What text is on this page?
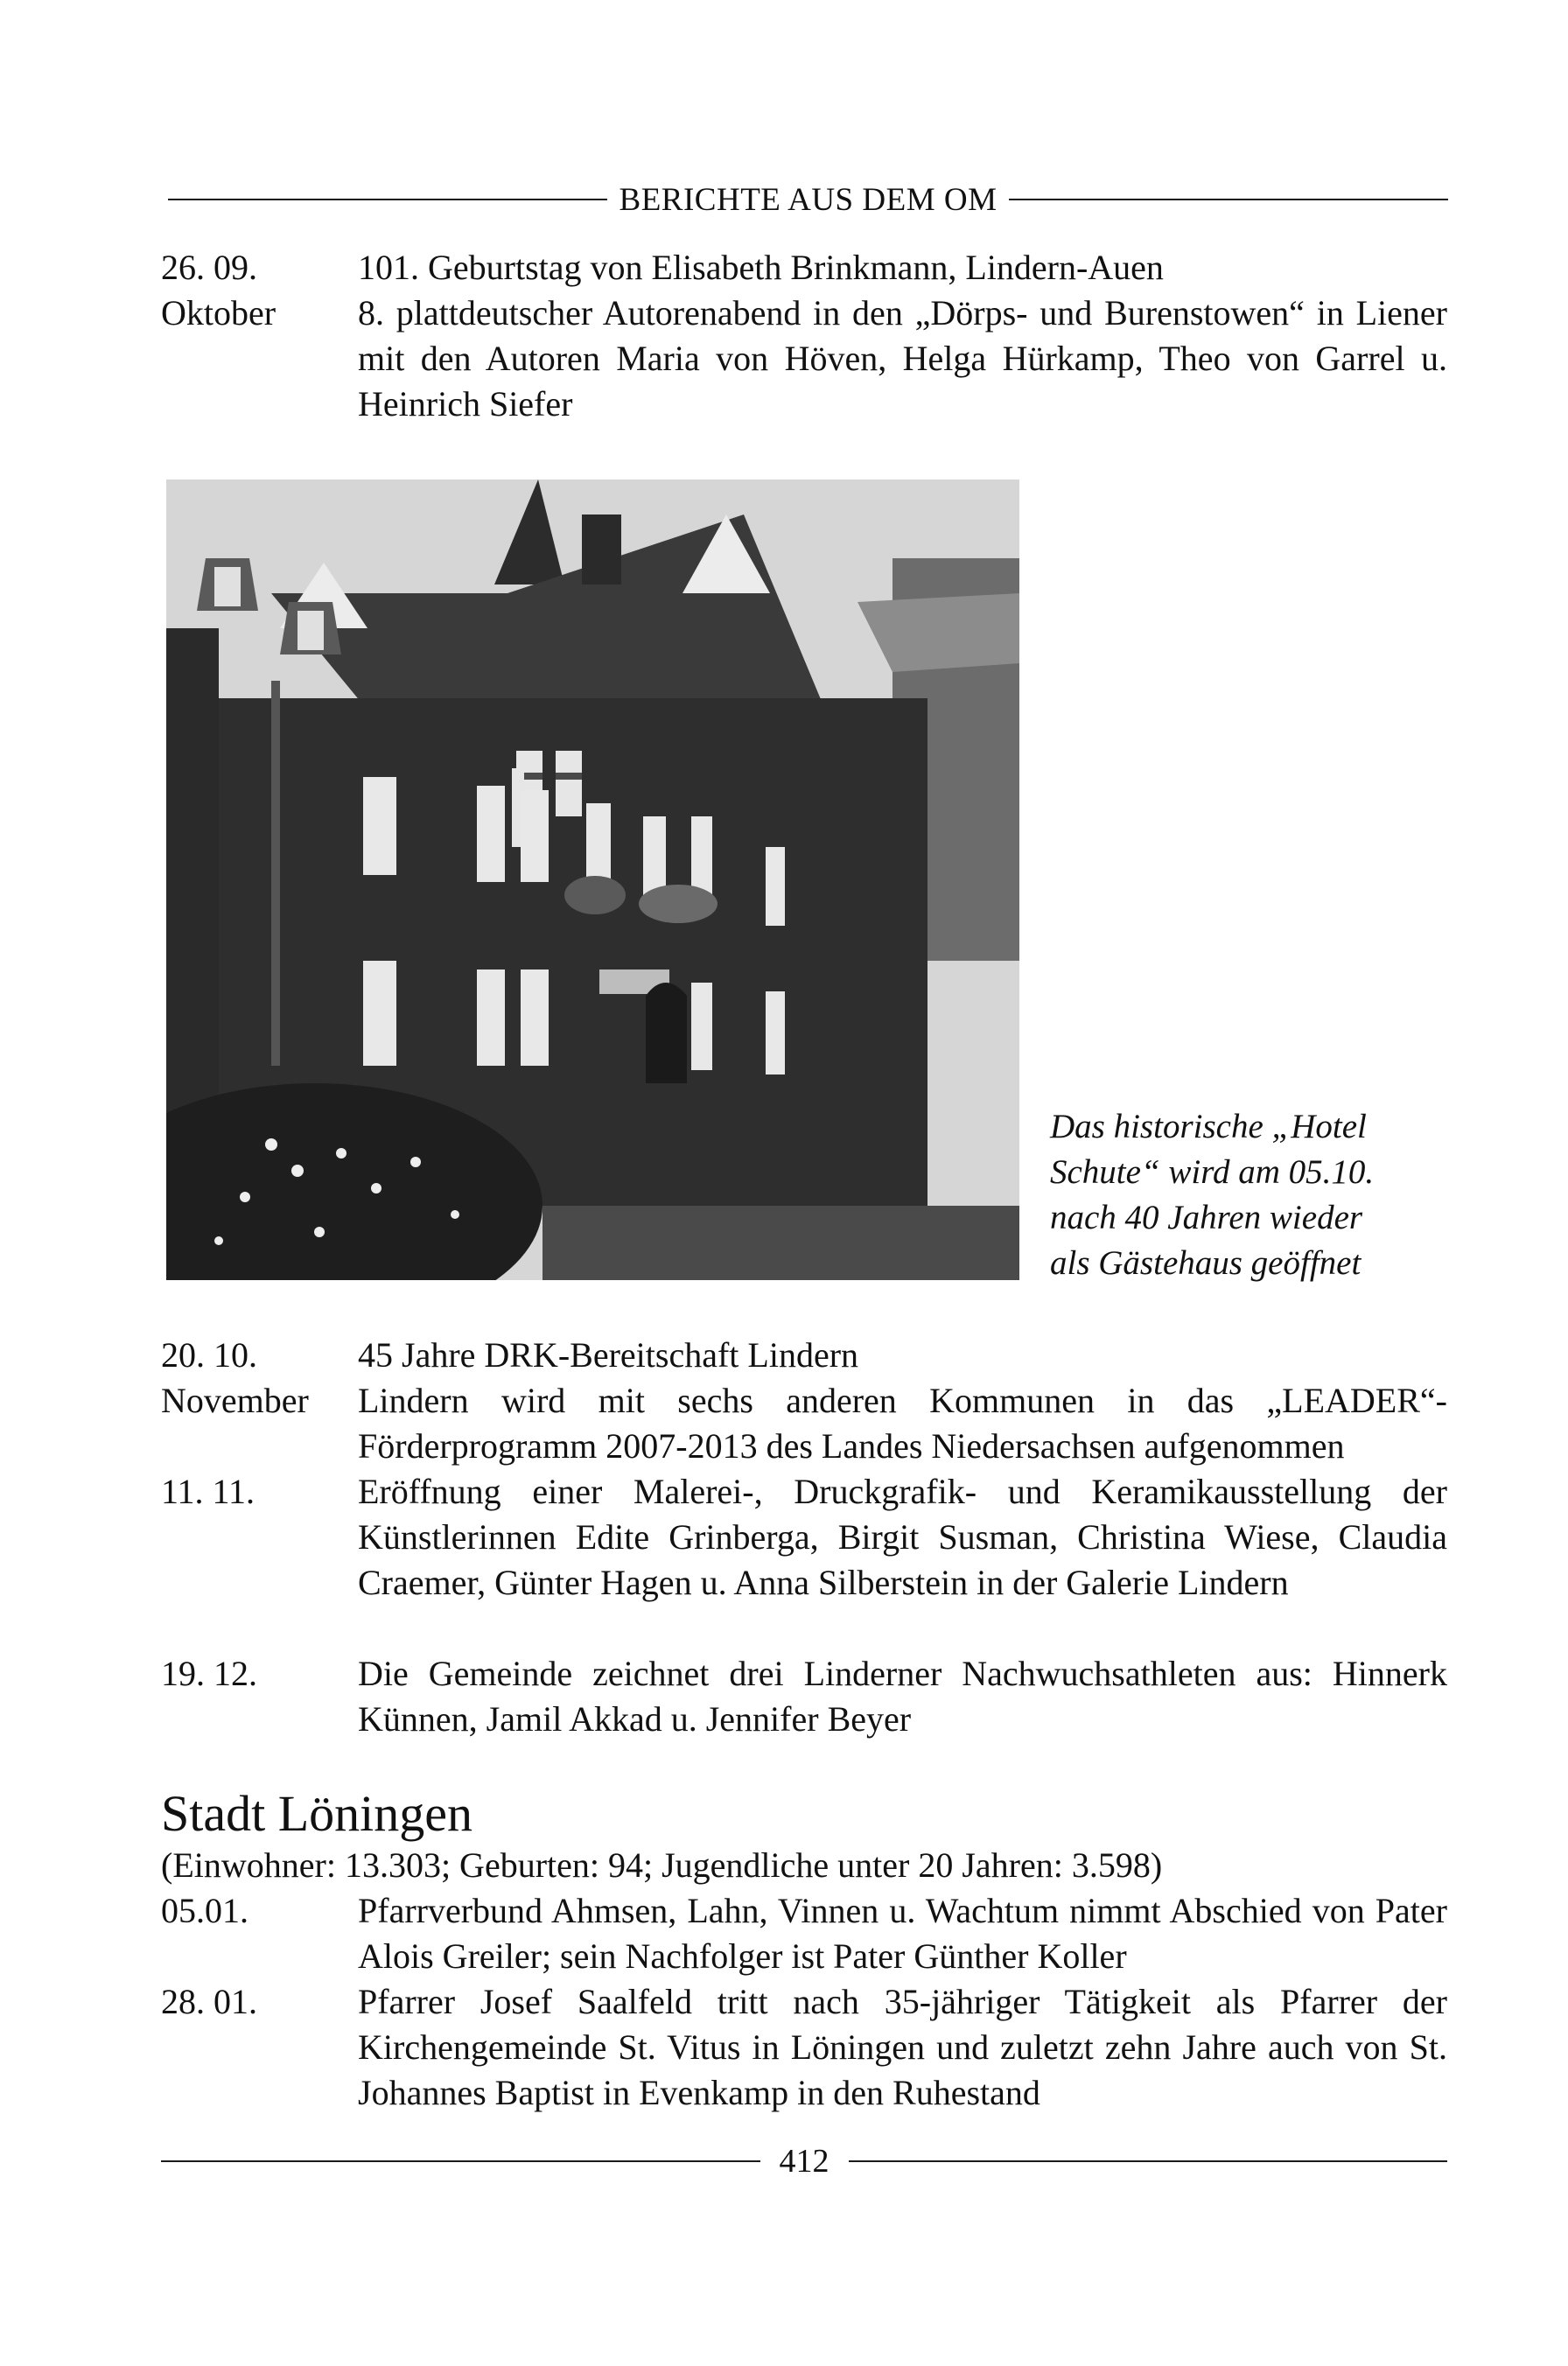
BERICHTE AUS DEM OM
26. 09.	101. Geburtstag von Elisabeth Brinkmann, Lindern-Auen
Oktober 8. plattdeutscher Autorenabend in den „Dörps- und Burenstowen“ in Liener mit den Autoren Maria von Höven, Helga Hürkamp, Theo von Garrel u. Heinrich Siefer
Das historische „Hotel
Schute“ wird am 05.10.
nach 40 Jahren wieder
als Gästehaus geöffnet
20. 10.	45 Jahre DRK-Bereitschaft Lindern
November Lindern wird mit sechs anderen Kommunen in das „LEADER“-Förderprogramm 2007-2013 des Landes Niedersachsen aufgenommen
11. 11.	Eröffnung einer Malerei-, Druckgrafik- und Keramikausstellung der Künstlerinnen Edite Grinberga, Birgit Susman, Christina Wiese, Claudia Craemer, Günter Hagen u. Anna Silberstein in der Galerie Lindern
19. 12.	Die Gemeinde zeichnet drei Linderner Nachwuchsathleten aus: Hinnerk Künnen, Jamil Akkad u. Jennifer Beyer
Stadt Löningen
(Einwohner: 13.303; Geburten: 94; Jugendliche unter 20 Jahren: 3.598)
05.01.	Pfarrverbund Ahmsen, Lahn, Vinnen u. Wachtum nimmt Abschied von Pater Alois Greiler; sein Nachfolger ist Pater Günther Koller
28. 01.	Pfarrer Josef Saalfeld tritt nach 35-jähriger Tätigkeit als Pfarrer der Kirchengemeinde St. Vitus in Löningen und zuletzt zehn Jahre auch von St. Johannes Baptist in Evenkamp in den Ruhestand
412
